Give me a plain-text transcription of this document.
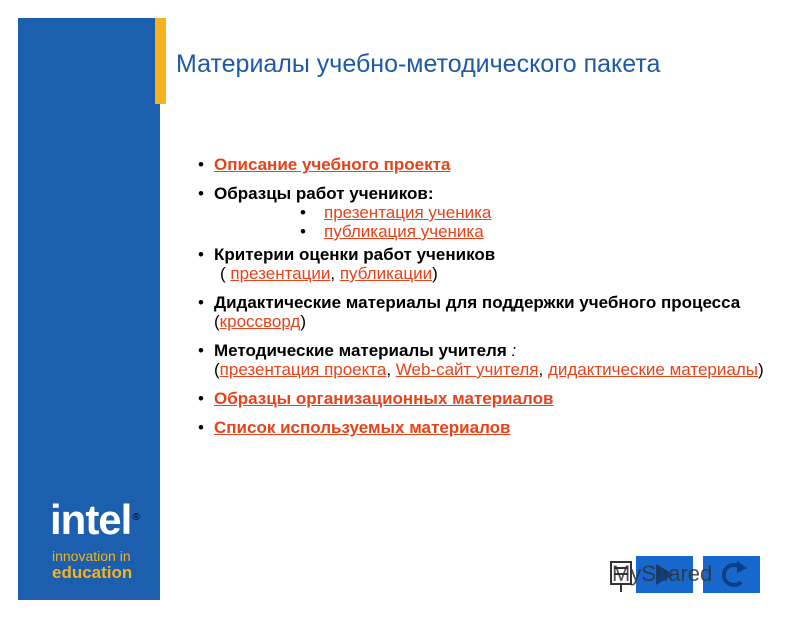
Материалы учебно-методического пакета
intel®
innovation in
education
• Описание учебного проекта
• Образцы работ учеников:
• презентация ученика
• публикация ученика
• Критерии оценки работ учеников
( презентации, публикации)
• Дидактические материалы для поддержки учебного процесса (кроссворд)
• Методические материалы учителя :
(презентация проекта, Web-сайт учителя, дидактические материалы)
• Образцы организационных материалов
• Список используемых материалов
MyShared
